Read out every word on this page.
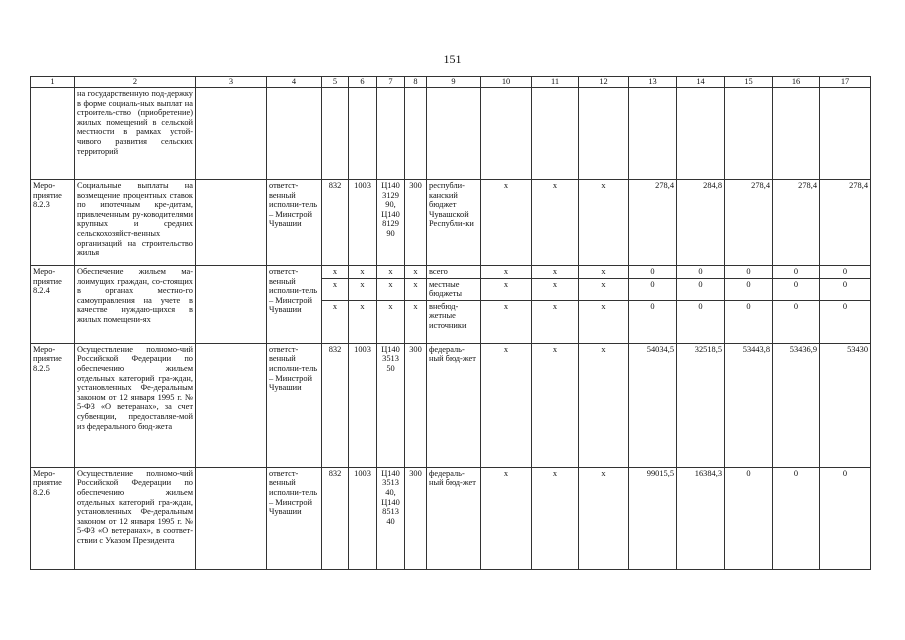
151
1	2	3	4	5	6	7	8	9	10	11	12	13	14	15	16	17
	на государственную под-держку в форме социаль-ных выплат на строитель-ство (приобретение) жилых помещений в сельской местности в рамках устой-чивого развития сельских территорий															
Меро-приятие 8.2.3	Социальные выплаты на возмещение процентных ставок по ипотечным кре-дитам, привлеченным ру-ководителями крупных и средних сельскохозяйст-венных организаций на строительство жилья		ответст-венный исполни-тель – Минстрой Чувашии	832	1003	Ц140 3129 90, Ц140 8129 90	300	республи-канский бюджет Чувашской Республи-ки	x	x	x	278,4	284,8	278,4	278,4	278,4
Меро-приятие 8.2.4	Обеспечение жильем ма-лоимущих граждан, со-стоящих в органах местно-го самоуправления на учете в качестве нуждаю-щихся в жилых помещени-ях		ответст-венный исполни-тель – Минстрой Чувашии	x	x	x	x	всего	x	x	x	0	0	0	0	0
				x	x	x	x	местные бюджеты	x	x	x	0	0	0	0	0
				x	x	x	x	внебюд-жетные источники	x	x	x	0	0	0	0	0
Меро-приятие 8.2.5	Осуществление полномо-чий Российской Федерации по обеспечению жильем отдельных категорий гра-ждан, установленных Фе-деральным законом от 12 января 1995 г. № 5-ФЗ «О ветеранах», за счет субвенции, предоставляе-мой из федерального бюд-жета		ответст-венный исполни-тель – Минстрой Чувашии	832	1003	Ц140 3513 50	300	федераль-ный бюд-жет	x	x	x	54034,5	32518,5	53443,8	53436,9	53430
Меро-приятие 8.2.6	Осуществление полномо-чий Российской Федерации по обеспечению жильем отдельных категорий гра-ждан, установленных Фе-деральным законом от 12 января 1995 г. № 5-ФЗ «О ветеранах», в соответ-ствии с Указом Президента		ответст-венный исполни-тель – Минстрой Чувашии	832	1003	Ц140 3513 40, Ц140 8513 40	300	федераль-ный бюд-жет	x	x	x	99015,5	16384,3	0	0	0
